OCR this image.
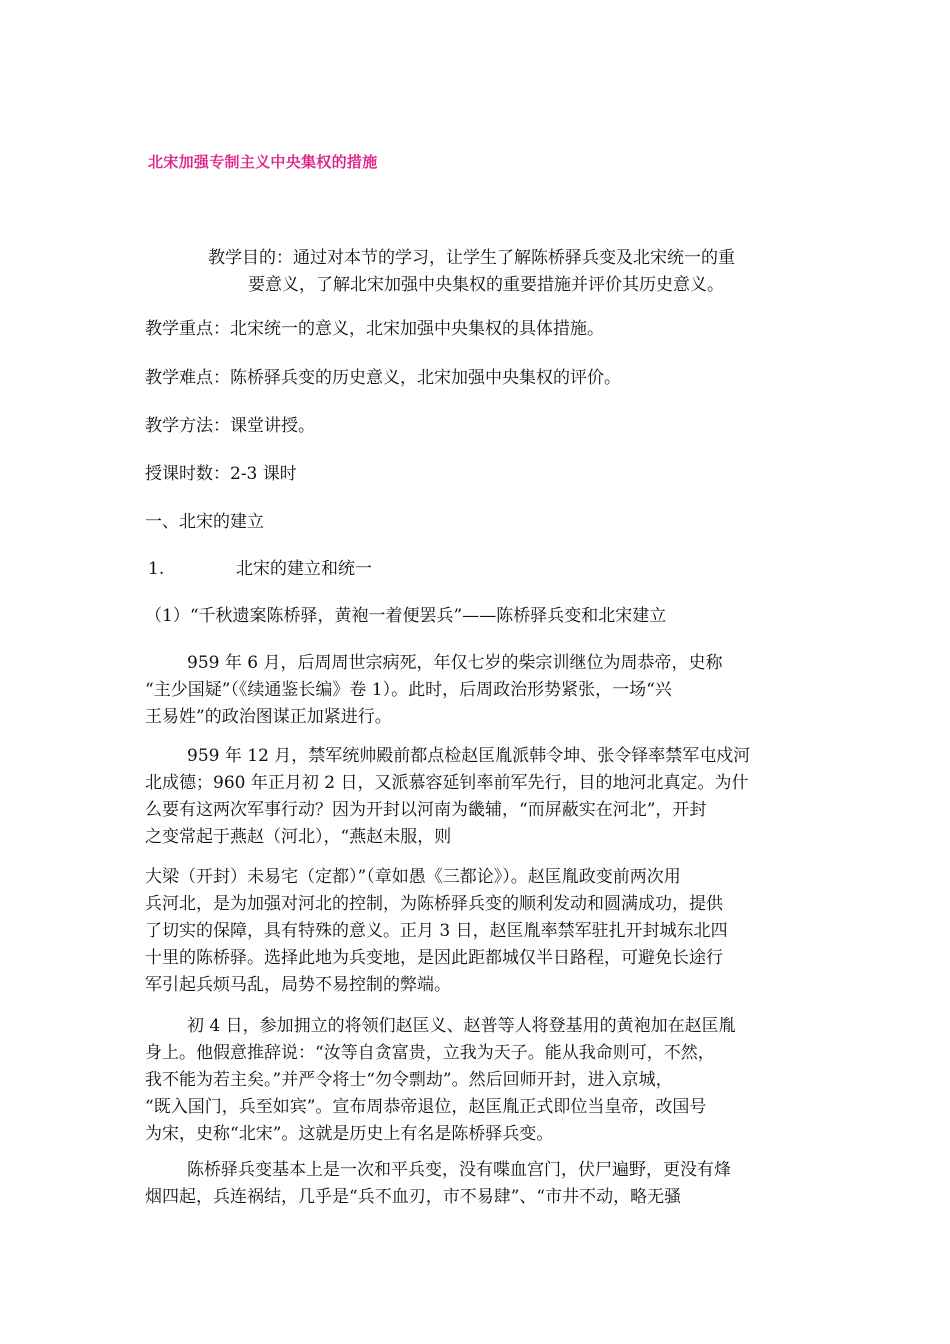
北宋加强专制主义中央集权的措施
教学目的：通过对本节的学习，让学生了解陈桥驿兵变及北宋统一的重
要意义，了解北宋加强中央集权的重要措施并评价其历史意义。
教学重点：北宋统一的意义，北宋加强中央集权的具体措施。
教学难点：陈桥驿兵变的历史意义，北宋加强中央集权的评价。
教学方法：课堂讲授。
授课时数：2-3 课时
一、北宋的建立
1.	北宋的建立和统一
（1）“千秋遗案陈桥驿，黄袍一着便罢兵”——陈桥驿兵变和北宋建立
959 年 6 月，后周周世宗病死，年仅七岁的柴宗训继位为周恭帝，史称
“主少国疑”（《续通鉴长编》卷 1）。此时，后周政治形势紧张，一场“兴
王易姓”的政治图谋正加紧进行。
959 年 12 月，禁军统帅殿前都点检赵匡胤派韩令坤、张令铎率禁军屯戍河
北成德；960 年正月初 2 日，又派慕容延钊率前军先行，目的地河北真定。为什
么要有这两次军事行动？因为开封以河南为畿辅，“而屏蔽实在河北”，开封
之变常起于燕赵（河北），“燕赵未服，则
大梁（开封）未易宅（定都）”（章如愚《三都论》）。赵匡胤政变前两次用
兵河北，是为加强对河北的控制，为陈桥驿兵变的顺利发动和圆满成功，提供
了切实的保障，具有特殊的意义。正月 3 日，赵匡胤率禁军驻扎开封城东北四
十里的陈桥驿。选择此地为兵变地，是因此距都城仅半日路程，可避免长途行
军引起兵烦马乱，局势不易控制的弊端。
初 4 日，参加拥立的将领们赵匡义、赵普等人将登基用的黄袍加在赵匡胤
身上。他假意推辞说：“汝等自贪富贵，立我为天子。能从我命则可，不然，
我不能为若主矣。”并严令将士“勿令剽劫”。然后回师开封，进入京城，
“既入国门，兵至如宾”。宣布周恭帝退位，赵匡胤正式即位当皇帝，改国号
为宋，史称“北宋”。这就是历史上有名是陈桥驿兵变。
陈桥驿兵变基本上是一次和平兵变，没有喋血宫门，伏尸遍野，更没有烽
烟四起，兵连祸结，几乎是“兵不血刃，市不易肆”、“市井不动，略无骚
